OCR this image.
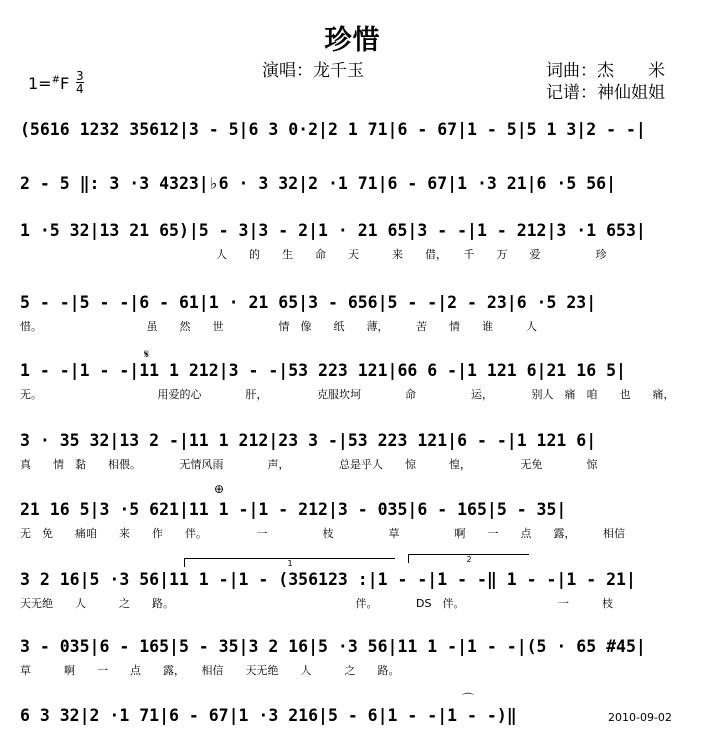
珍惜
演唱：龙千玉
1=#F 3
4
词曲：杰　　米
记谱：神仙姐姐
(5616 1232 35612|3 - 5|6 3 0·2|2 1 71|6 - 67|1 - 5|5 1 3|2 - -|
2 - 5 ‖: 3 ·3 4323|♭6 · 3 32|2 ·1 71|6 - 67|1 ·3 21|6 ·5 56|
1 ·5 32|13 21 65)|5 - 3|3 - 2|1 · 21 65|3 - -|1 - 212|3 ·1 653|
人　　的　　生　　命　　天　　　来　　借，　　千　　万　　爱　　　　　珍
5 - -|5 - -|6 - 61|1 · 21 65|3 - 656|5 - -|2 - 23|6 ·5 23|
惜。　　　　　　　　　　虽　　然　　世　　　　　情　像　　纸　　薄，　　　苦　　情　　谁　　　人
1 - -|1 - -|11 1 212|3 - -|53 223 121|66 6 -|1 121 6|21 16 5|
无。　　　　　　　　　　　用爱的心　　　　肝，　　　　　克服坎坷　　　　命　　　　　运，　　　　别人　痛　咱　　也　　痛，
𝄋
3 · 35 32|13 2 -|11 1 212|23 3 -|53 223 121|6 - -|1 121 6|
真　　情　黏　　相偎。　　　　无情风雨　　　　声，　　　　　总是乎人　　惊　　　惶，　　　　　无免　　　　惊
⊕
21 16 5|3 ·5 621|11 1 -|1 - 212|3 - 035|6 - 165|5 - 35|
无　免　　痛咱　　来　　作　　伴。　　　　　一　　　　　枝　　　　　草　　　　　啊　　一　　点　　露，　　　相信
1	2
3 2 16|5 ·3 56|11 1 -|1 - (356123 :|1 - -|1 - -‖ 1 - -|1 - 21|
天无绝　　人　　　之　　路。　　　　　　　　　　　　　　　　　伴。　　　　DS　伴。　　　　　　　　　一　　　枝
3 - 035|6 - 165|5 - 35|3 2 16|5 ·3 56|11 1 -|1 - -|(5 · 65 #45|
草　　　啊　　一　　点　　露，　　相信　　天无绝　　人　　　之　　路。
⌒
6 3 32|2 ·1 71|6 - 67|1 ·3 216|5 - 6|1 - -|1 - -)‖	2010-09-02
